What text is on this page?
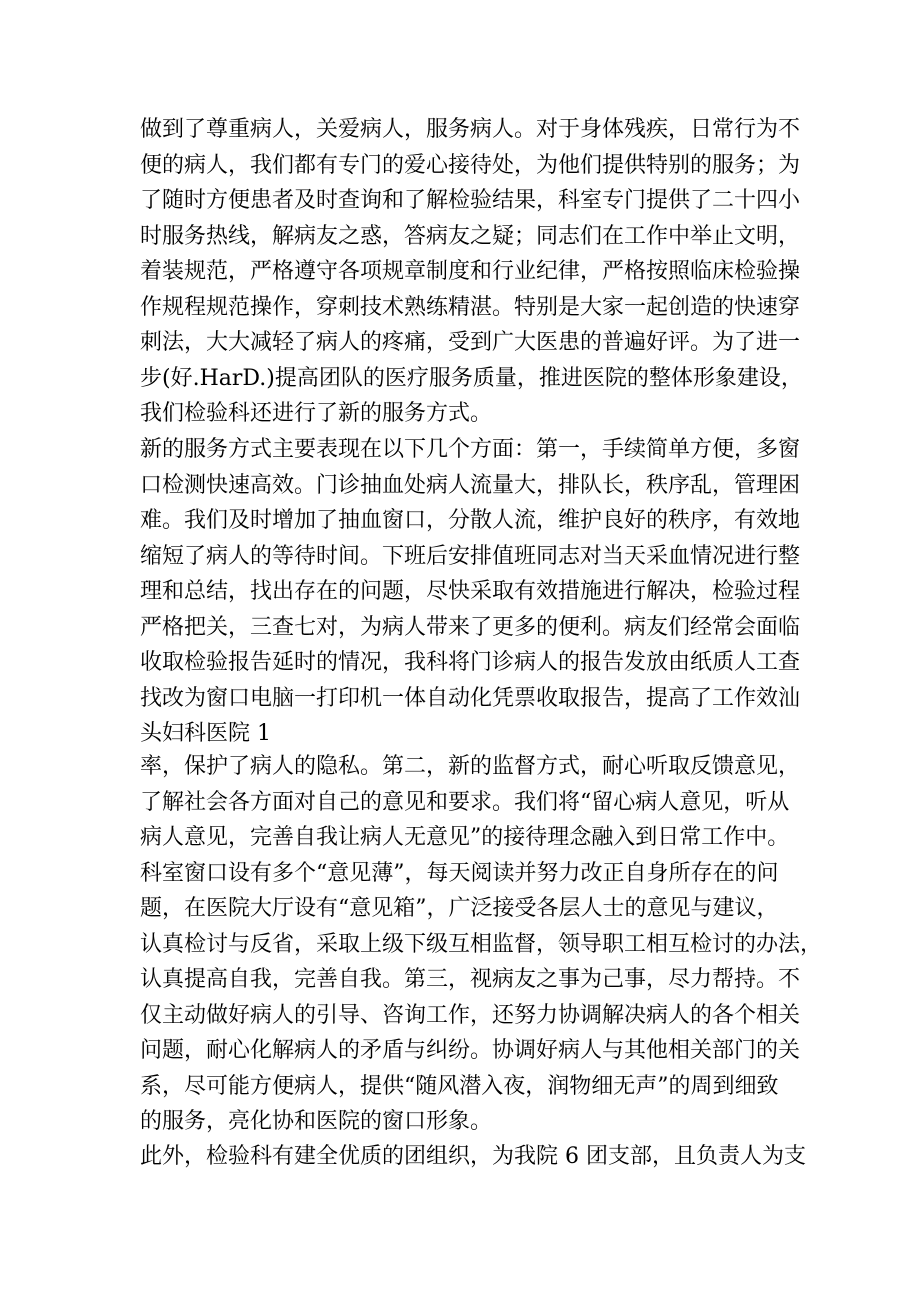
做到了尊重病人，关爱病人，服务病人。对于身体残疾，日常行为不
便的病人，我们都有专门的爱心接待处，为他们提供特别的服务；为
了随时方便患者及时查询和了解检验结果，科室专门提供了二十四小
时服务热线，解病友之惑，答病友之疑；同志们在工作中举止文明，
着装规范，严格遵守各项规章制度和行业纪律，严格按照临床检验操
作规程规范操作，穿刺技术熟练精湛。特别是大家一起创造的快速穿
刺法，大大减轻了病人的疼痛，受到广大医患的普遍好评。为了进一
步(好.HarD.)提高团队的医疗服务质量，推进医院的整体形象建设，
我们检验科还进行了新的服务方式。
新的服务方式主要表现在以下几个方面：第一，手续简单方便，多窗
口检测快速高效。门诊抽血处病人流量大，排队长，秩序乱，管理困
难。我们及时增加了抽血窗口，分散人流，维护良好的秩序，有效地
缩短了病人的等待时间。下班后安排值班同志对当天采血情况进行整
理和总结，找出存在的问题，尽快采取有效措施进行解决，检验过程
严格把关，三查七对，为病人带来了更多的便利。病友们经常会面临
收取检验报告延时的情况，我科将门诊病人的报告发放由纸质人工查
找改为窗口电脑一打印机一体自动化凭票收取报告，提高了工作效汕
头妇科医院 1
率，保护了病人的隐私。第二，新的监督方式，耐心听取反馈意见，
了解社会各方面对自己的意见和要求。我们将“留心病人意见，听从
病人意见，完善自我让病人无意见”的接待理念融入到日常工作中。
科室窗口设有多个“意见薄”，每天阅读并努力改正自身所存在的问
题，在医院大厅设有“意见箱”，广泛接受各层人士的意见与建议，
认真检讨与反省，采取上级下级互相监督，领导职工相互检讨的办法，
认真提高自我，完善自我。第三，视病友之事为己事，尽力帮持。不
仅主动做好病人的引导、咨询工作，还努力协调解决病人的各个相关
问题，耐心化解病人的矛盾与纠纷。协调好病人与其他相关部门的关
系，尽可能方便病人，提供“随风潜入夜，润物细无声”的周到细致
的服务，亮化协和医院的窗口形象。
此外，检验科有建全优质的团组织，为我院 6 团支部，且负责人为支
